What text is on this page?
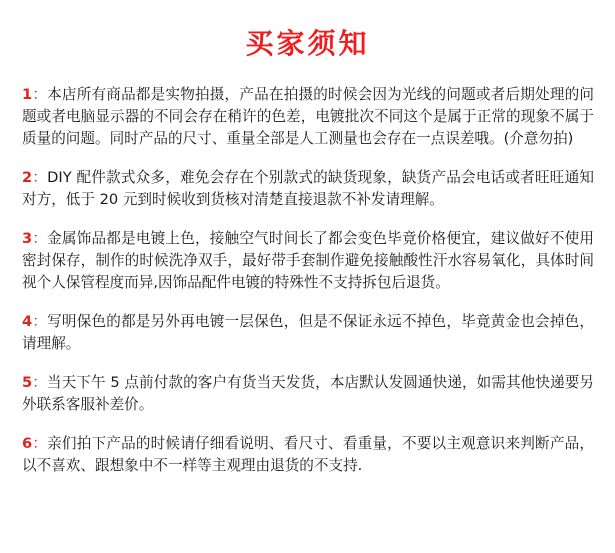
买家须知

1：本店所有商品都是实物拍摄，产品在拍摄的时候会因为光线的问题或者后期处理的问题或者电脑显示器的不同会存在稍许的色差，电镀批次不同这个是属于正常的现象不属于质量的问题。同时产品的尺寸、重量全部是人工测量也会存在一点误差哦。(介意勿拍)

2：DIY 配件款式众多，难免会存在个别款式的缺货现象，缺货产品会电话或者旺旺通知对方，低于 20 元到时候收到货核对清楚直接退款不补发请理解。

3：金属饰品都是电镀上色，接触空气时间长了都会变色毕竟价格便宜，建议做好不使用密封保存，制作的时候洗净双手，最好带手套制作避免接触酸性汗水容易氧化，具体时间视个人保管程度而异,因饰品配件电镀的特殊性不支持拆包后退货。

4：写明保色的都是另外再电镀一层保色，但是不保证永远不掉色，毕竟黄金也会掉色，请理解。

5：当天下午 5 点前付款的客户有货当天发货，本店默认发圆通快递，如需其他快递要另外联系客服补差价。

6：亲们拍下产品的时候请仔细看说明、看尺寸、看重量，不要以主观意识来判断产品，以不喜欢、跟想象中不一样等主观理由退货的不支持.
